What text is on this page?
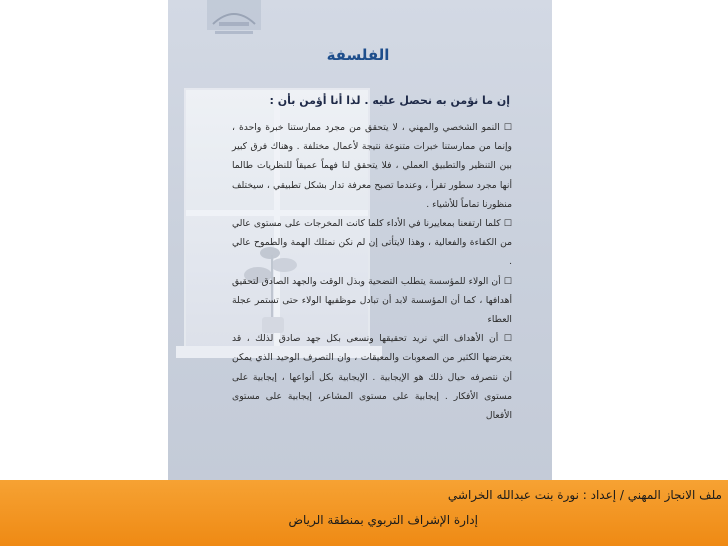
الفلسفة
إن ما نؤمن به نحصل عليه . لذا أنا أؤمن بأن :

☐ النمو الشخصي والمهني ، لا يتحقق من مجرد ممارستنا خبرة واحدة ، وإنما من ممارستنا خبرات متنوعة نتيجة لأعمال مختلفة . وهناك فرق كبير بين التنظير والتطبيق العملي ، فلا يتحقق لنا فهماً عميقاً للنظريات طالما أنها مجرد سطور تقرأ ، وعندما تصبح معرفة تدار بشكل تطبيقي ، سيختلف منظورنا تماماً للأشياء .

☐ كلما ارتفعنا بمعاييرنا في الأداء كلما كانت المخرجات على مستوى عالي من الكفاءة والفعالية ، وهذا لايتأتى إن لم نكن نمتلك الهمة والطموح عالي .

☐ أن الولاء للمؤسسة يتطلب التضحية وبذل الوقت والجهد الصادق لتحقيق أهدافها ، كما أن المؤسسة لابد أن تبادل موظفيها الولاء حتى تستمر عجلة العطاء

☐ أن الأهداف التي نريد تحقيقها ونسعى بكل جهد صادق لذلك ، قد يعترضها الكثير من الصعوبات والمعيقات ، وان التصرف الوحيد الذي يمكن أن نتصرفه حيال ذلك هو الإيجابية . الإيجابية بكل أنواعها ، إيجابية على مستوى الأفكار . إيجابية على مستوى المشاعر، إيجابية على مستوى الأفعال

ملف الانجاز المهني / إعداد : نورة بنت عبدالله الخراشي
إدارة الإشراف التربوي بمنطقة الرياض
